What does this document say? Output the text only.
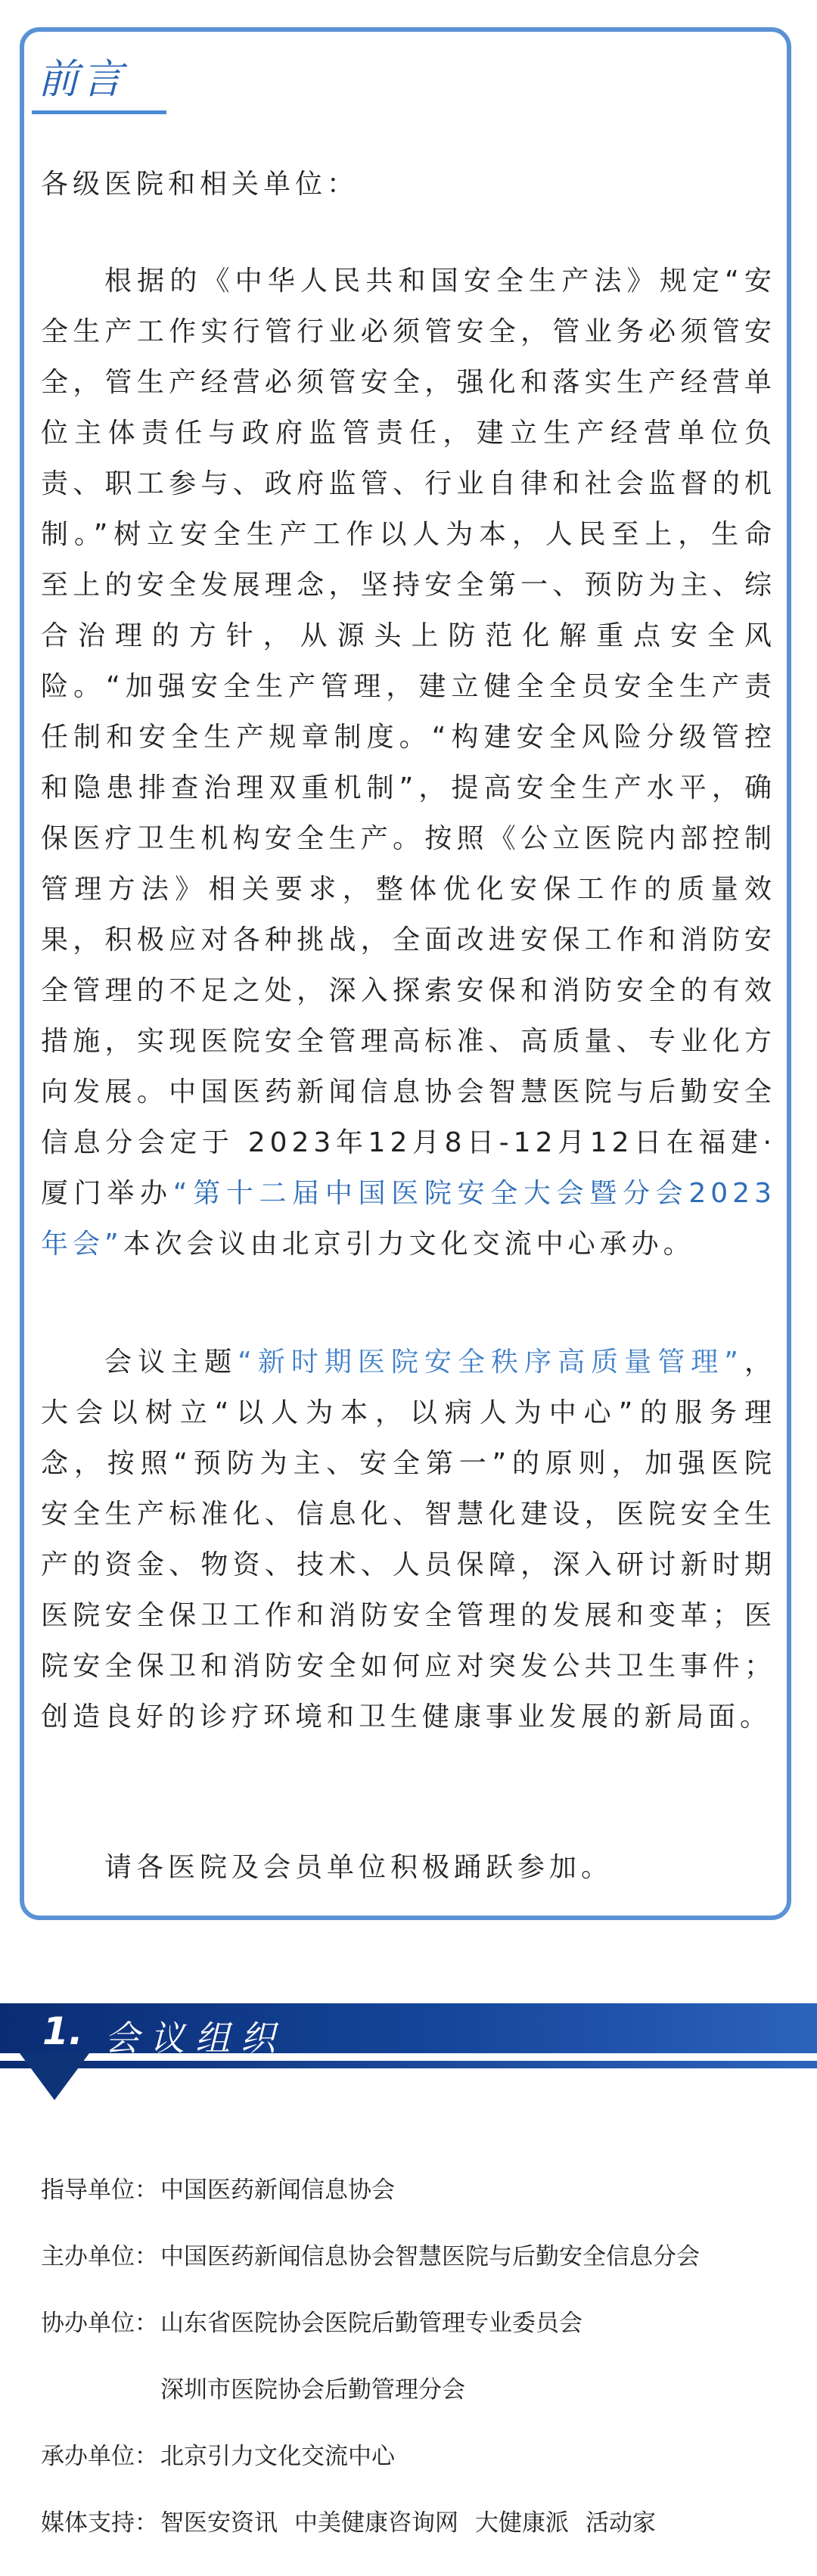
前言
各级医院和相关单位：
根据的《中华人民共和国安全生产法》规定“安全生产工作实行管行业必须管安全，管业务必须管安全，管生产经营必须管安全，强化和落实生产经营单位主体责任与政府监管责任，建立生产经营单位负责、职工参与、政府监管、行业自律和社会监督的机制。”树立安全生产工作以人为本，人民至上，生命至上的安全发展理念，坚持安全第一、预防为主、综合治理的方针，从源头上防范化解重点安全风险。“加强安全生产管理，建立健全全员安全生产责任制和安全生产规章制度。“构建安全风险分级管控和隐患排查治理双重机制”，提高安全生产水平，确保医疗卫生机构安全生产。按照《公立医院内部控制管理方法》相关要求，整体优化安保工作的质量效果，积极应对各种挑战，全面改进安保工作和消防安全管理的不足之处，深入探索安保和消防安全的有效措施，实现医院安全管理高标准、高质量、专业化方向发展。中国医药新闻信息协会智慧医院与后勤安全信息分会定于 2023年12月8日-12月12日在福建·厦门举办“第十二届中国医院安全大会暨分会2023年会”本次会议由北京引力文化交流中心承办。
会议主题“新时期医院安全秩序高质量管理”，大会以树立“以人为本，以病人为中心”的服务理念，按照“预防为主、安全第一”的原则，加强医院安全生产标准化、信息化、智慧化建设，医院安全生产的资金、物资、技术、人员保障，深入研讨新时期医院安全保卫工作和消防安全管理的发展和变革；医院安全保卫和消防安全如何应对突发公共卫生事件；创造良好的诊疗环境和卫生健康事业发展的新局面。
请各医院及会员单位积极踊跃参加。
1. 会议组织
指导单位：中国医药新闻信息协会
主办单位：中国医药新闻信息协会智慧医院与后勤安全信息分会
协办单位：山东省医院协会医院后勤管理专业委员会
深圳市医院协会后勤管理分会
承办单位：北京引力文化交流中心
媒体支持：智医安资讯 中美健康咨询网 大健康派 活动家
